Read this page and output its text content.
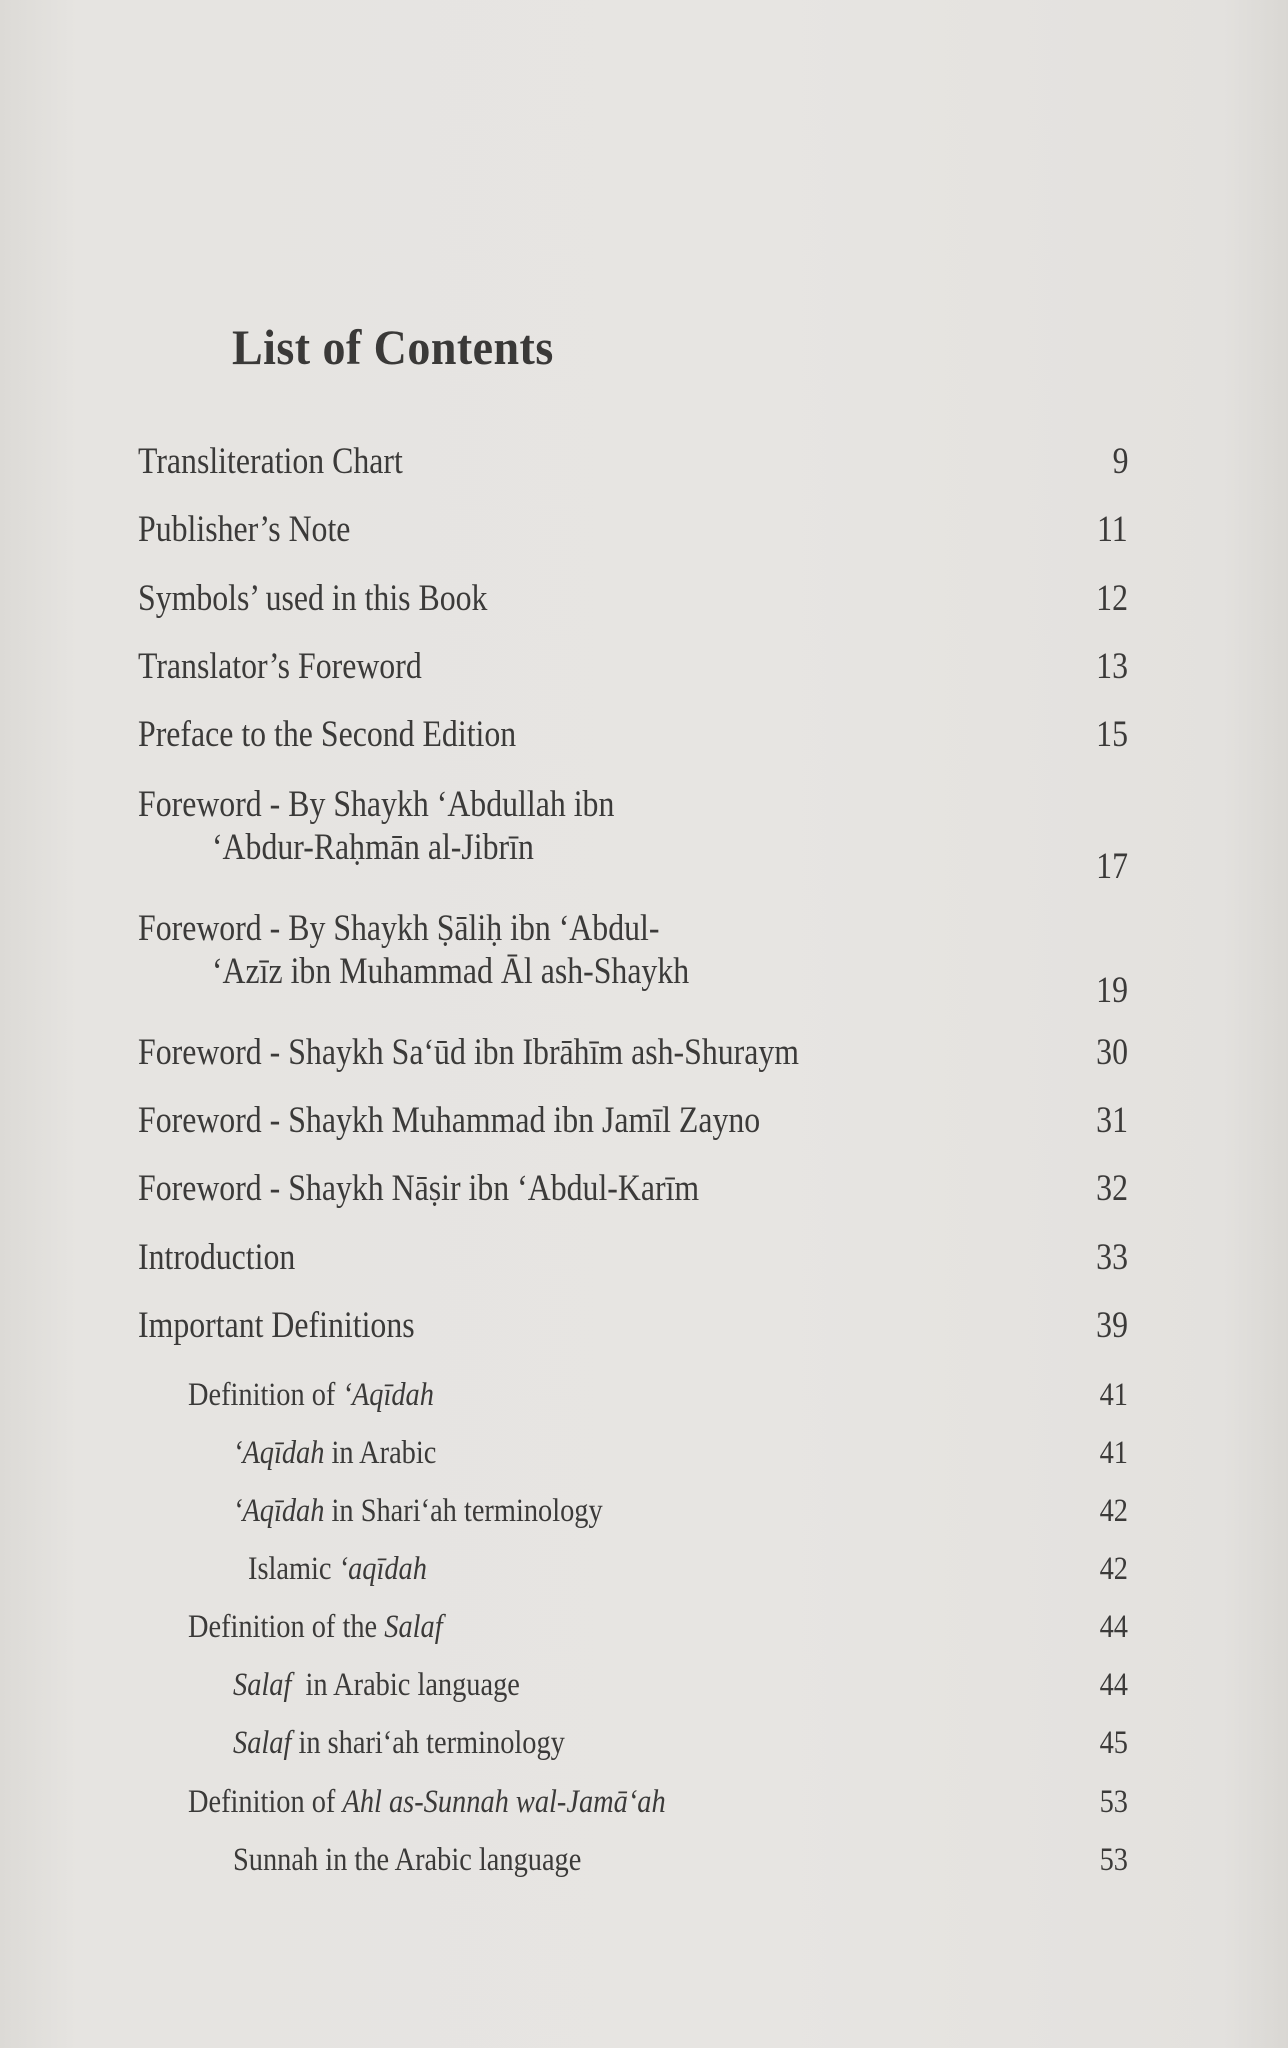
List of Contents
Transliteration Chart	9
Publisher’s Note	11
Symbols’ used in this Book	12
Translator’s Foreword	13
Preface to the Second Edition	15
Foreword - By Shaykh ‘Abdullah ibn
‘Abdur-Raḥmān al-Jibrīn	17
Foreword - By Shaykh Ṣāliḥ ibn ‘Abdul-
‘Azīz ibn Muhammad Āl ash-Shaykh	19
Foreword - Shaykh Sa‘ūd ibn Ibrāhīm ash-Shuraym	30
Foreword - Shaykh Muhammad ibn Jamīl Zayno	31
Foreword - Shaykh Nāṣir ibn ‘Abdul-Karīm	32
Introduction	33
Important Definitions	39
Definition of ‘Aqīdah	41
‘Aqīdah in Arabic	41
‘Aqīdah in Shari‘ah terminology	42
Islamic ‘aqīdah	42
Definition of the Salaf	44
Salaf  in Arabic language	44
Salaf in shari‘ah terminology	45
Definition of Ahl as-Sunnah wal-Jamā‘ah	53
Sunnah in the Arabic language	53
